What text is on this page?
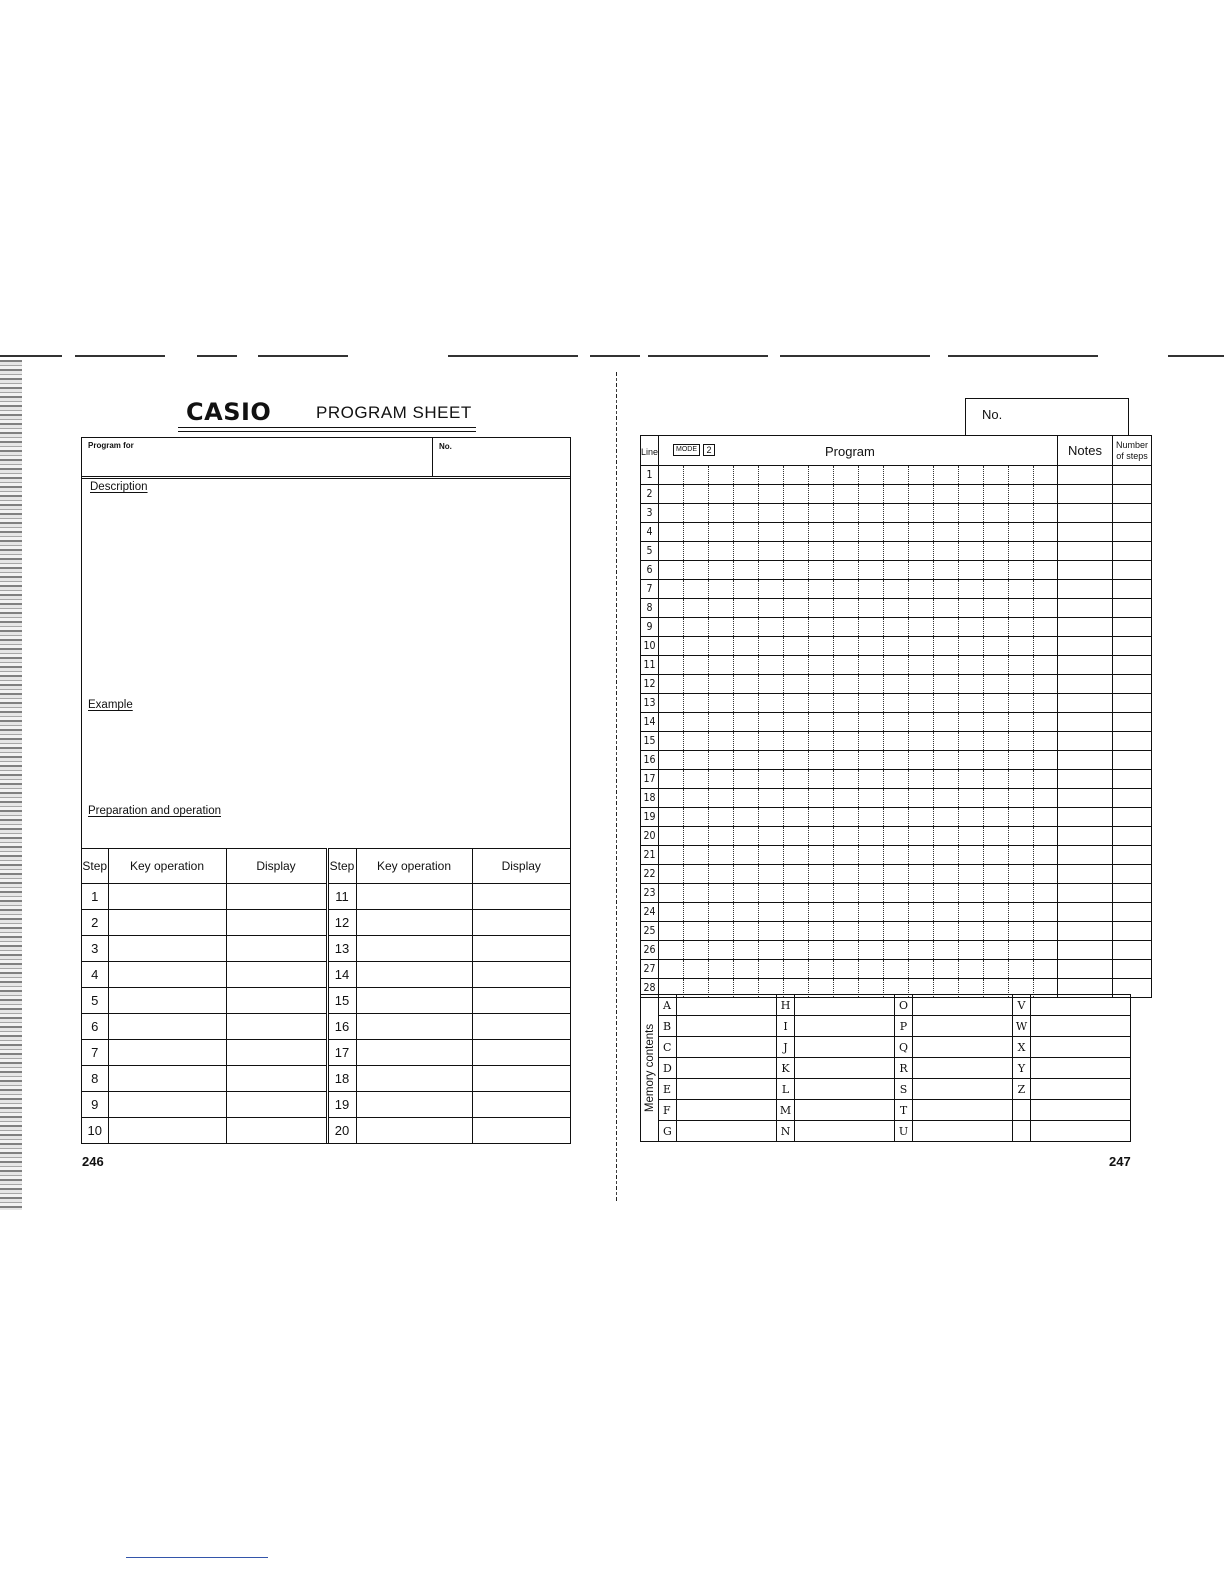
CASIO	PROGRAM SHEET
Program for	No.
Description
Example
Preparation and operation
Step	Key operation	Display	Step	Key operation	Display
1			11		
2			12		
3			13		
4			14		
5			15		
6			16		
7			17		
8			18		
9			19		
10			20		
246
No.
Line	MODE 2 Program																Notes	Number
of steps

1																		
2																		
3																		
4																		
5																		
6																		
7																		
8																		
9																		
10																		
11																		
12																		
13																		
14																		
15																		
16																		
17																		
18																		
19																		
20																		
21																		
22																		
23																		
24																		
25																		
26																		
27																		
28																		
Memory contents	A		H		O		V	
	B		I		P		W	
	C		J		Q		X	
	D		K		R		Y	
	E		L		S		Z	
	F		M		T			
	G		N		U			
247
